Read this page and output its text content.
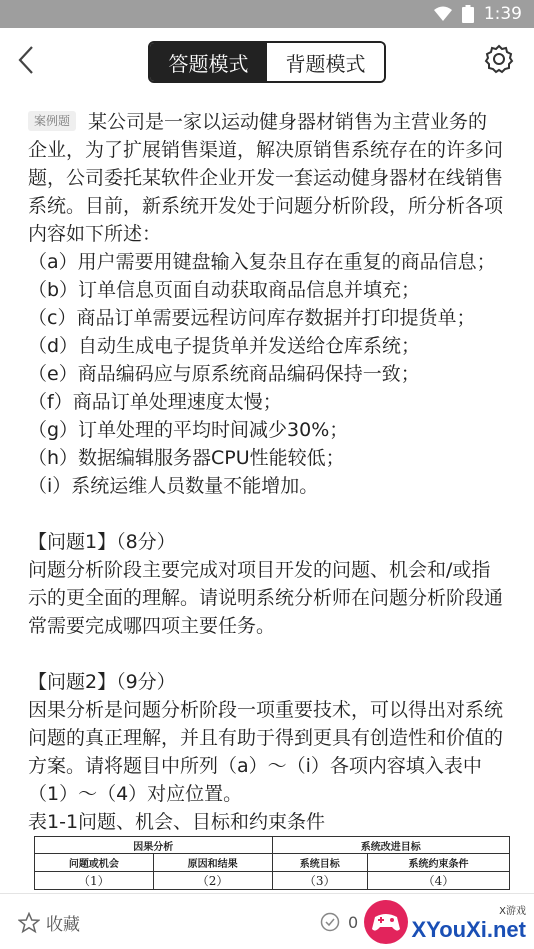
1:39
答题模式	背题模式

案例题 某公司是一家以运动健身器材销售为主营业务的企业，为了扩展销售渠道，解决原销售系统存在的许多问题，公司委托某软件企业开发一套运动健身器材在线销售系统。目前，新系统开发处于问题分析阶段，所分析各项内容如下所述：

（a）用户需要用键盘输入复杂且存在重复的商品信息；

（b）订单信息页面自动获取商品信息并填充；

（c）商品订单需要远程访问库存数据并打印提货单；

（d）自动生成电子提货单并发送给仓库系统；

（e）商品编码应与原系统商品编码保持一致；

（f）商品订单处理速度太慢；

（g）订单处理的平均时间减少30%；

（h）数据编辑服务器CPU性能较低；

（i）系统运维人员数量不能增加。

【问题1】（8分）

问题分析阶段主要完成对项目开发的问题、机会和/或指示的更全面的理解。请说明系统分析师在问题分析阶段通常需要完成哪四项主要任务。

【问题2】（9分）

因果分析是问题分析阶段一项重要技术，可以得出对系统问题的真正理解，并且有助于得到更具有创造性和价值的方案。请将题目中所列（a）～（i）各项内容填入表中（1）～（4）对应位置。

表1-1问题、机会、目标和约束条件

因果分析		系统改进目标	
问题或机会	原因和结果	系统目标	系统约束条件
（1）	（2）	（3）	（4）
收藏	0
X游戏
XYouXi.net
